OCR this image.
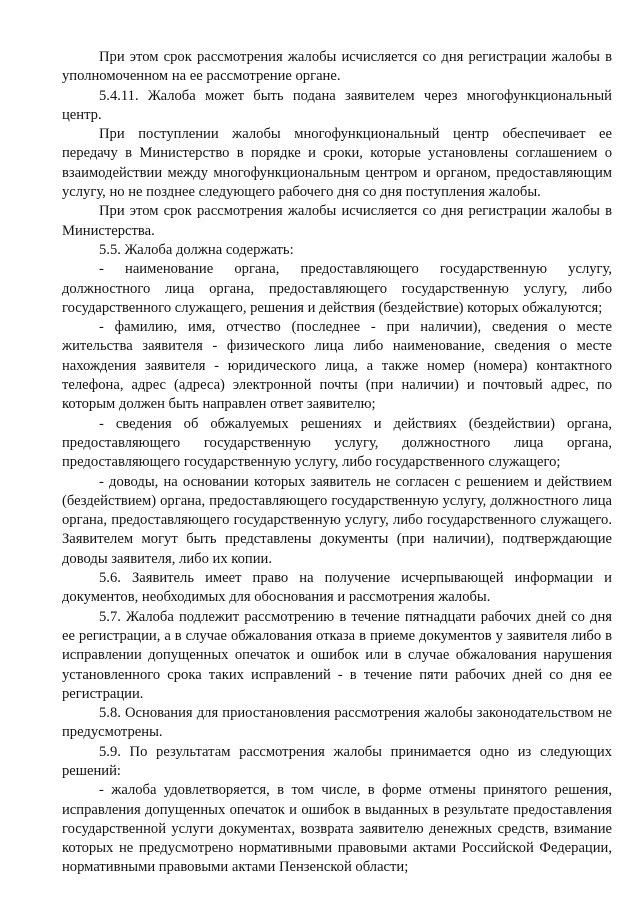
При этом срок рассмотрения жалобы исчисляется со дня регистрации жалобы в уполномоченном на ее рассмотрение органе.

5.4.11. Жалоба может быть подана заявителем через многофункциональный центр.

При поступлении жалобы многофункциональный центр обеспечивает ее передачу в Министерство в порядке и сроки, которые установлены соглашением о взаимодействии между многофункциональным центром и органом, предоставляющим услугу, но не позднее следующего рабочего дня со дня поступления жалобы.

При этом срок рассмотрения жалобы исчисляется со дня регистрации жалобы в Министерства.

5.5. Жалоба должна содержать:

- наименование органа, предоставляющего государственную услугу, должностного лица органа, предоставляющего государственную услугу, либо государственного служащего, решения и действия (бездействие) которых обжалуются;

- фамилию, имя, отчество (последнее - при наличии), сведения о месте жительства заявителя - физического лица либо наименование, сведения о месте нахождения заявителя - юридического лица, а также номер (номера) контактного телефона, адрес (адреса) электронной почты (при наличии) и почтовый адрес, по которым должен быть направлен ответ заявителю;

- сведения об обжалуемых решениях и действиях (бездействии) органа, предоставляющего государственную услугу, должностного лица органа, предоставляющего государственную услугу, либо государственного служащего;

- доводы, на основании которых заявитель не согласен с решением и действием (бездействием) органа, предоставляющего государственную услугу, должностного лица органа, предоставляющего государственную услугу, либо государственного служащего. Заявителем могут быть представлены документы (при наличии), подтверждающие доводы заявителя, либо их копии.

5.6. Заявитель имеет право на получение исчерпывающей информации и документов, необходимых для обоснования и рассмотрения жалобы.

5.7. Жалоба подлежит рассмотрению в течение пятнадцати рабочих дней со дня ее регистрации, а в случае обжалования отказа в приеме документов у заявителя либо в исправлении допущенных опечаток и ошибок или в случае обжалования нарушения установленного срока таких исправлений - в течение пяти рабочих дней со дня ее регистрации.

5.8. Основания для приостановления рассмотрения жалобы законодательством не предусмотрены.

5.9. По результатам рассмотрения жалобы принимается одно из следующих решений:

- жалоба удовлетворяется, в том числе, в форме отмены принятого решения, исправления допущенных опечаток и ошибок в выданных в результате предоставления государственной услуги документах, возврата заявителю денежных средств, взимание которых не предусмотрено нормативными правовыми актами Российской Федерации, нормативными правовыми актами Пензенской области;
